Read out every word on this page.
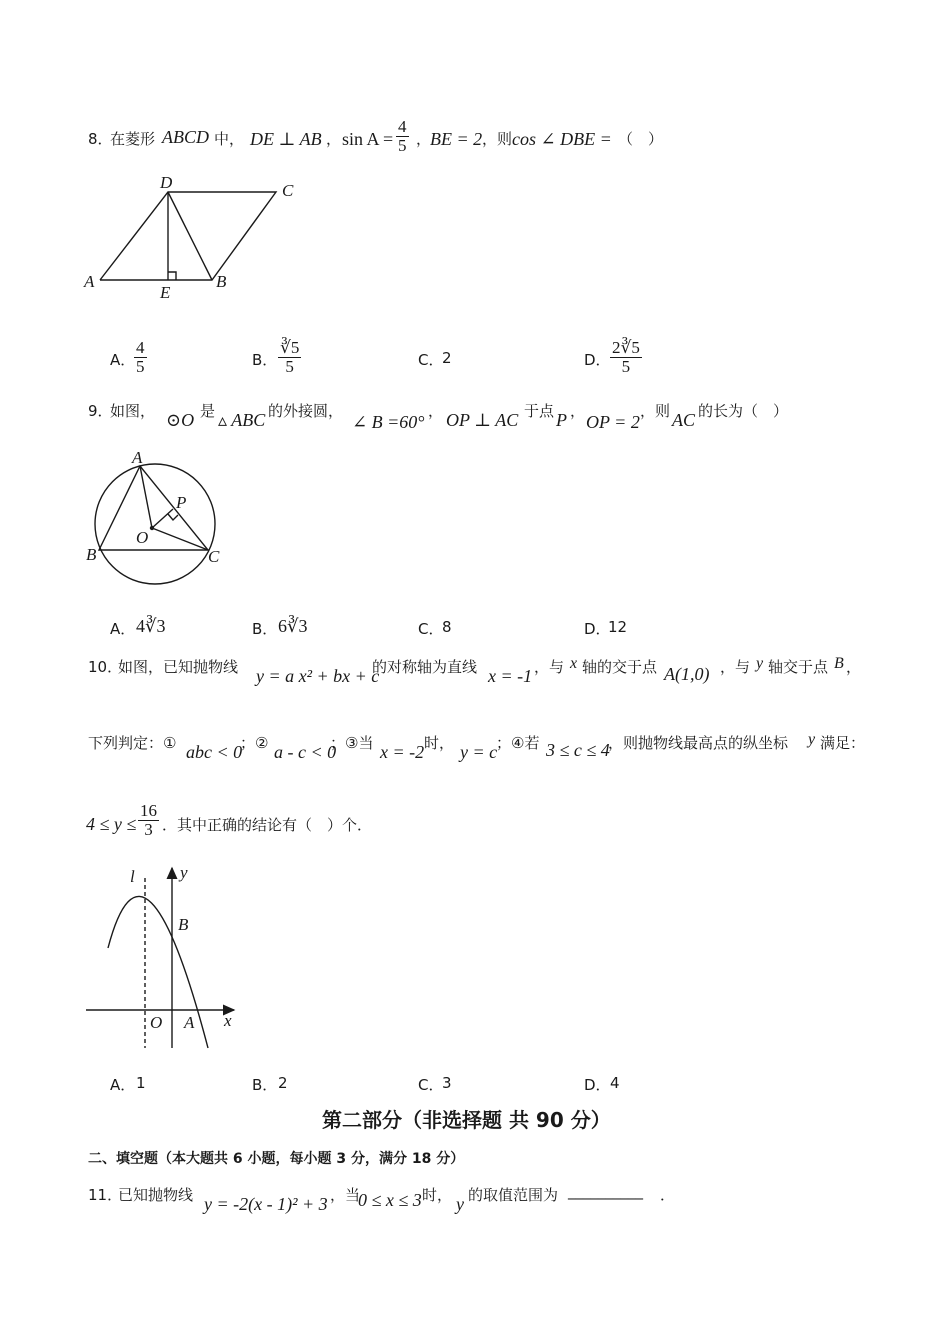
8．
在菱形 ABCD 中， DE ⊥ AB ， $\sin A = \frac{4}{5}$ ，
BE = 2 ，则 cos ∠ DBE = （　）
A
D	C
B
E
A．
$\frac{4}{5}$	B． $\frac{∛5}{5}$	C．
2	D． $\frac{2∛5}{5}$
9．
如图， ⊙O 是 ▵ ABC 的外接圆，
∠ B =60°
， OP ⊥ AC 于点 P ，
OP = 2
，则 AC 的长为（　）
A
B	C
O
P
A． 4∛3	B． 6∛3	C．
8	D．
12
10．
如图，已知抛物线 y = a x² + bx + c
的对称轴为直线 x = -1 ，与 x 轴的交于点 A(1,0) ，与 y 轴交于点 B ，
下列判定：① abc < 0
；② a - c < 0
；③当 x = -2 时， y = c
；④若 3 ≤ c ≤ 4
，则抛物线最高点的纵坐标 y 满足：
$4 \le y \le \frac{16}{3}$ ．其中正确的结论有（　）个．
l	y
B
O A x
A． 1	B． 2	C．
3	D． 4
第二部分（非选择题 共 90 分）
二、填空题（本大题共 6 小题，每小题 3 分，满分 18 分）
11．
已知抛物线 y = -2(x - 1)² + 3 ，当
0 ≤ x ≤ 3 时， y 的取值范围为 __________ ．
